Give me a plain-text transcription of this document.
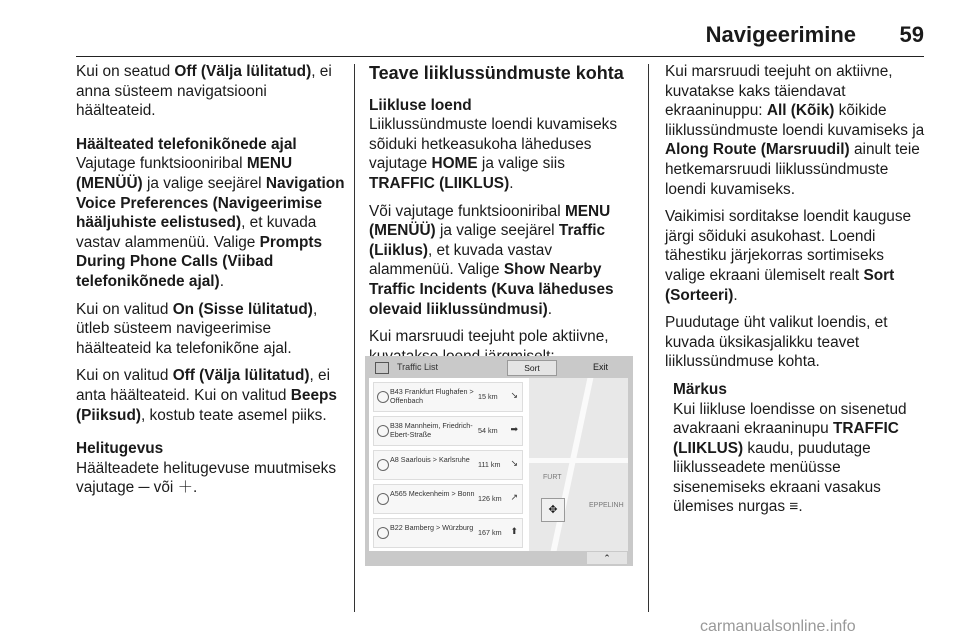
Navigeerimine 59

Kui on seatud Off (Välja lülitatud), ei anna süsteem navigatsiooni häälteateid.

Häälteated telefonikõnede ajal

Vajutage funktsiooniribal MENU (MENÜÜ) ja valige seejärel Navigation Voice Preferences (Navigeerimise hääljuhiste eelistused), et kuvada vastav alammenüü. Valige Prompts During Phone Calls (Viibad telefonikõnede ajal).

Kui on valitud On (Sisse lülitatud), ütleb süsteem navigeerimise häälteateid ka telefonikõne ajal.

Kui on valitud Off (Välja lülitatud), ei anta häälteateid. Kui on valitud Beeps (Piiksud), kostub teate asemel piiks.

Helitugevus

Häälteadete helitugevuse muutmiseks vajutage ─ või ＋.

Teave liiklussündmuste kohta

Liikluse loend

Liiklussündmuste loendi kuvamiseks sõiduki hetkeasukoha läheduses vajutage HOME ja valige siis TRAFFIC (LIIKLUS).

Või vajutage funktsiooniribal MENU (MENÜÜ) ja valige seejärel Traffic (Liiklus), et kuvada vastav alammenüü. Valige Show Nearby Traffic Incidents (Kuva läheduses olevaid liiklussündmusi).

Kui marsruudi teejuht pole aktiivne,

Traffic List	Sort	Exit
B43 Frankfurt Flughafen > Offenbach	15 km ↘
B38 Mannheim, Friedrich-Ebert-Straße	54 km ➡
A8 Saarlouis > Karlsruhe
111 km ↘
A565 Meckenheim > Bonn
126 km ↗
B22 Bamberg > Würzburg
167 km ⬆
FURT
EPPELINH
✥
⌃

Kui marsruudi teejuht on aktiivne, kuvatakse kaks täiendavat ekraaninuppu: All (Kõik) kõikide liiklussündmuste loendi kuvamiseks ja Along Route (Marsruudil) ainult teie hetkemarsruudi liiklussündmuste loendi kuvamiseks.

Vaikimisi sorditakse loendit kauguse järgi sõiduki asukohast. Loendi tähestiku järjekorras sortimiseks valige ekraani ülemiselt realt Sort (Sorteeri).

Puudutage üht valikut loendis, et kuvada üksikasjalikku teavet liiklussündmuse kohta.

Märkus

Kui liikluse loendisse on sisenetud avakraani ekraaninupu TRAFFIC (LIIKLUS) kaudu, puudutage liiklusseadete menüüsse sisenemiseks ekraani vasakus ülemises nurgas ≡.

carmanualsonline.info
